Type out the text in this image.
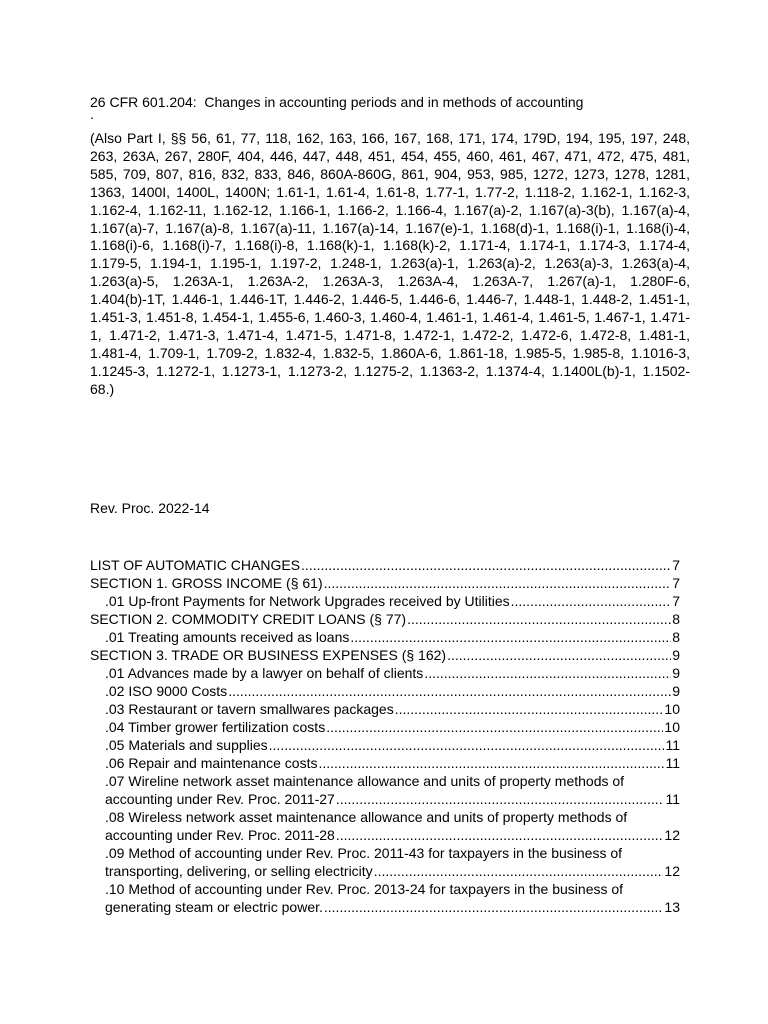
26 CFR 601.204:  Changes in accounting periods and in methods of accounting
.
(Also Part I, §§ 56, 61, 77, 118, 162, 163, 166, 167, 168, 171, 174, 179D, 194, 195, 197, 248, 263, 263A, 267, 280F, 404, 446, 447, 448, 451, 454, 455, 460, 461, 467, 471, 472, 475, 481, 585, 709, 807, 816, 832, 833, 846, 860A-860G, 861, 904, 953, 985, 1272, 1273, 1278, 1281, 1363, 1400I, 1400L, 1400N; 1.61-1, 1.61-4, 1.61-8, 1.77-1, 1.77-2, 1.118-2, 1.162-1, 1.162-3, 1.162-4, 1.162-11, 1.162-12, 1.166-1, 1.166-2, 1.166-4, 1.167(a)-2, 1.167(a)-3(b), 1.167(a)-4, 1.167(a)-7, 1.167(a)-8, 1.167(a)-11, 1.167(a)-14, 1.167(e)-1, 1.168(d)-1, 1.168(i)-1, 1.168(i)-4, 1.168(i)-6, 1.168(i)-7, 1.168(i)-8, 1.168(k)-1, 1.168(k)-2, 1.171-4, 1.174-1, 1.174-3, 1.174-4, 1.179-5, 1.194-1, 1.195-1, 1.197-2, 1.248-1, 1.263(a)-1, 1.263(a)-2, 1.263(a)-3, 1.263(a)-4, 1.263(a)-5, 1.263A-1, 1.263A-2, 1.263A-3, 1.263A-4, 1.263A-7, 1.267(a)-1, 1.280F-6, 1.404(b)-1T, 1.446-1, 1.446-1T, 1.446-2, 1.446-5, 1.446-6, 1.446-7, 1.448-1, 1.448-2, 1.451-1, 1.451-3, 1.451-8, 1.454-1, 1.455-6, 1.460-3, 1.460-4, 1.461-1, 1.461-4, 1.461-5, 1.467-1, 1.471-1, 1.471-2, 1.471-3, 1.471-4, 1.471-5, 1.471-8, 1.472-1, 1.472-2, 1.472-6, 1.472-8, 1.481-1, 1.481-4, 1.709-1, 1.709-2, 1.832-4, 1.832-5, 1.860A-6, 1.861-18, 1.985-5, 1.985-8, 1.1016-3, 1.1245-3, 1.1272-1, 1.1273-1, 1.1273-2, 1.1275-2, 1.1363-2, 1.1374-4, 1.1400L(b)-1, 1.1502-68.)
Rev. Proc. 2022-14
LIST OF AUTOMATIC CHANGES .....	7
SECTION 1. GROSS INCOME (§ 61) .....	7
.01 Up-front Payments for Network Upgrades received by Utilities .....	7
SECTION 2. COMMODITY CREDIT LOANS (§ 77) .....	8
.01 Treating amounts received as loans .....	8
SECTION 3. TRADE OR BUSINESS EXPENSES (§ 162) .....	9
.01 Advances made by a lawyer on behalf of clients .....	9
.02 ISO 9000 Costs .....	9
.03 Restaurant or tavern smallwares packages .....	10
.04 Timber grower fertilization costs .....	10
.05 Materials and supplies .....	11
.06 Repair and maintenance costs .....	11
.07 Wireline network asset maintenance allowance and units of property methods of
accounting under Rev. Proc. 2011-27 .....	11
.08 Wireless network asset maintenance allowance and units of property methods of
accounting under Rev. Proc. 2011-28 .....	12
.09 Method of accounting under Rev. Proc. 2011-43 for taxpayers in the business of
transporting, delivering, or selling electricity .....	12
.10 Method of accounting under Rev. Proc. 2013-24 for taxpayers in the business of
generating steam or electric power. .....	13
